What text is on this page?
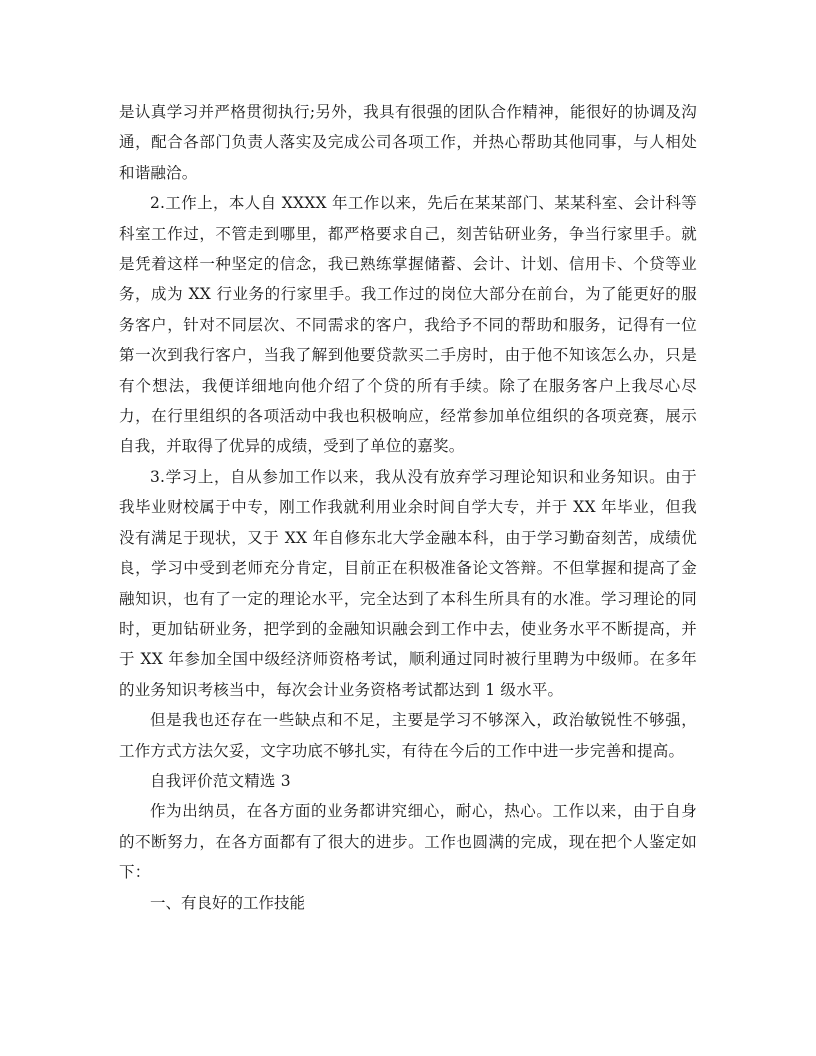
是认真学习并严格贯彻执行;另外，我具有很强的团队合作精神，能很好的协调及沟通，配合各部门负责人落实及完成公司各项工作，并热心帮助其他同事，与人相处和谐融洽。

2.工作上，本人自 XXXX 年工作以来，先后在某某部门、某某科室、会计科等科室工作过，不管走到哪里，都严格要求自己，刻苦钻研业务，争当行家里手。就是凭着这样一种坚定的信念，我已熟练掌握储蓄、会计、计划、信用卡、个贷等业务，成为 XX 行业务的行家里手。我工作过的岗位大部分在前台，为了能更好的服务客户，针对不同层次、不同需求的客户，我给予不同的帮助和服务，记得有一位第一次到我行客户，当我了解到他要贷款买二手房时，由于他不知该怎么办，只是有个想法，我便详细地向他介绍了个贷的所有手续。除了在服务客户上我尽心尽力，在行里组织的各项活动中我也积极响应，经常参加单位组织的各项竞赛，展示自我，并取得了优异的成绩，受到了单位的嘉奖。

3.学习上，自从参加工作以来，我从没有放弃学习理论知识和业务知识。由于我毕业财校属于中专，刚工作我就利用业余时间自学大专，并于 XX 年毕业，但我没有满足于现状，又于 XX 年自修东北大学金融本科，由于学习勤奋刻苦，成绩优良，学习中受到老师充分肯定，目前正在积极准备论文答辩。不但掌握和提高了金融知识，也有了一定的理论水平，完全达到了本科生所具有的水准。学习理论的同时，更加钻研业务，把学到的金融知识融会到工作中去，使业务水平不断提高，并于 XX 年参加全国中级经济师资格考试，顺利通过同时被行里聘为中级师。在多年的业务知识考核当中，每次会计业务资格考试都达到 1 级水平。

但是我也还存在一些缺点和不足，主要是学习不够深入，政治敏锐性不够强，工作方式方法欠妥，文字功底不够扎实，有待在今后的工作中进一步完善和提高。

自我评价范文精选 3

作为出纳员，在各方面的业务都讲究细心，耐心，热心。工作以来，由于自身的不断努力，在各方面都有了很大的进步。工作也圆满的完成，现在把个人鉴定如下：

一、有良好的工作技能
